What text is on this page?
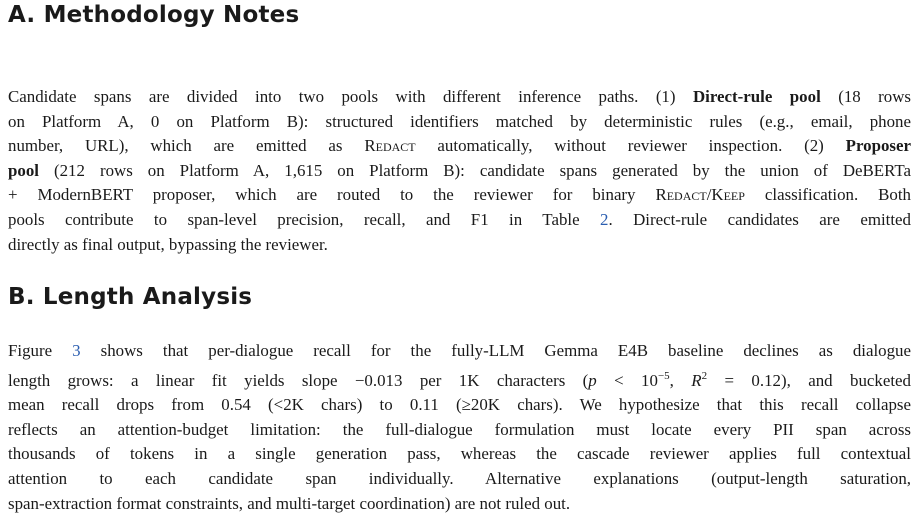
A. Methodology Notes
Candidate spans are divided into two pools with different inference paths. (1) Direct-rule pool (18 rows
on Platform A, 0 on Platform B): structured identifiers matched by deterministic rules (e.g., email, phone
number, URL), which are emitted as Redact automatically, without reviewer inspection. (2) Proposer
pool (212 rows on Platform A, 1,615 on Platform B): candidate spans generated by the union of DeBERTa
+ ModernBERT proposer, which are routed to the reviewer for binary Redact/Keep classification. Both
pools contribute to span-level precision, recall, and F1 in Table 2. Direct-rule candidates are emitted
directly as final output, bypassing the reviewer.
B. Length Analysis
Figure 3 shows that per-dialogue recall for the fully-LLM Gemma E4B baseline declines as dialogue
length grows: a linear fit yields slope −0.013 per 1K characters ($p < 10^{-5}$, $R^2 = 0.12$), and bucketed
mean recall drops from 0.54 (<2K chars) to 0.11 (≥20K chars). We hypothesize that this recall collapse
reflects an attention-budget limitation: the full-dialogue formulation must locate every PII span across
thousands of tokens in a single generation pass, whereas the cascade reviewer applies full contextual
attention to each candidate span individually. Alternative explanations (output-length saturation,
span-extraction format constraints, and multi-target coordination) are not ruled out.
